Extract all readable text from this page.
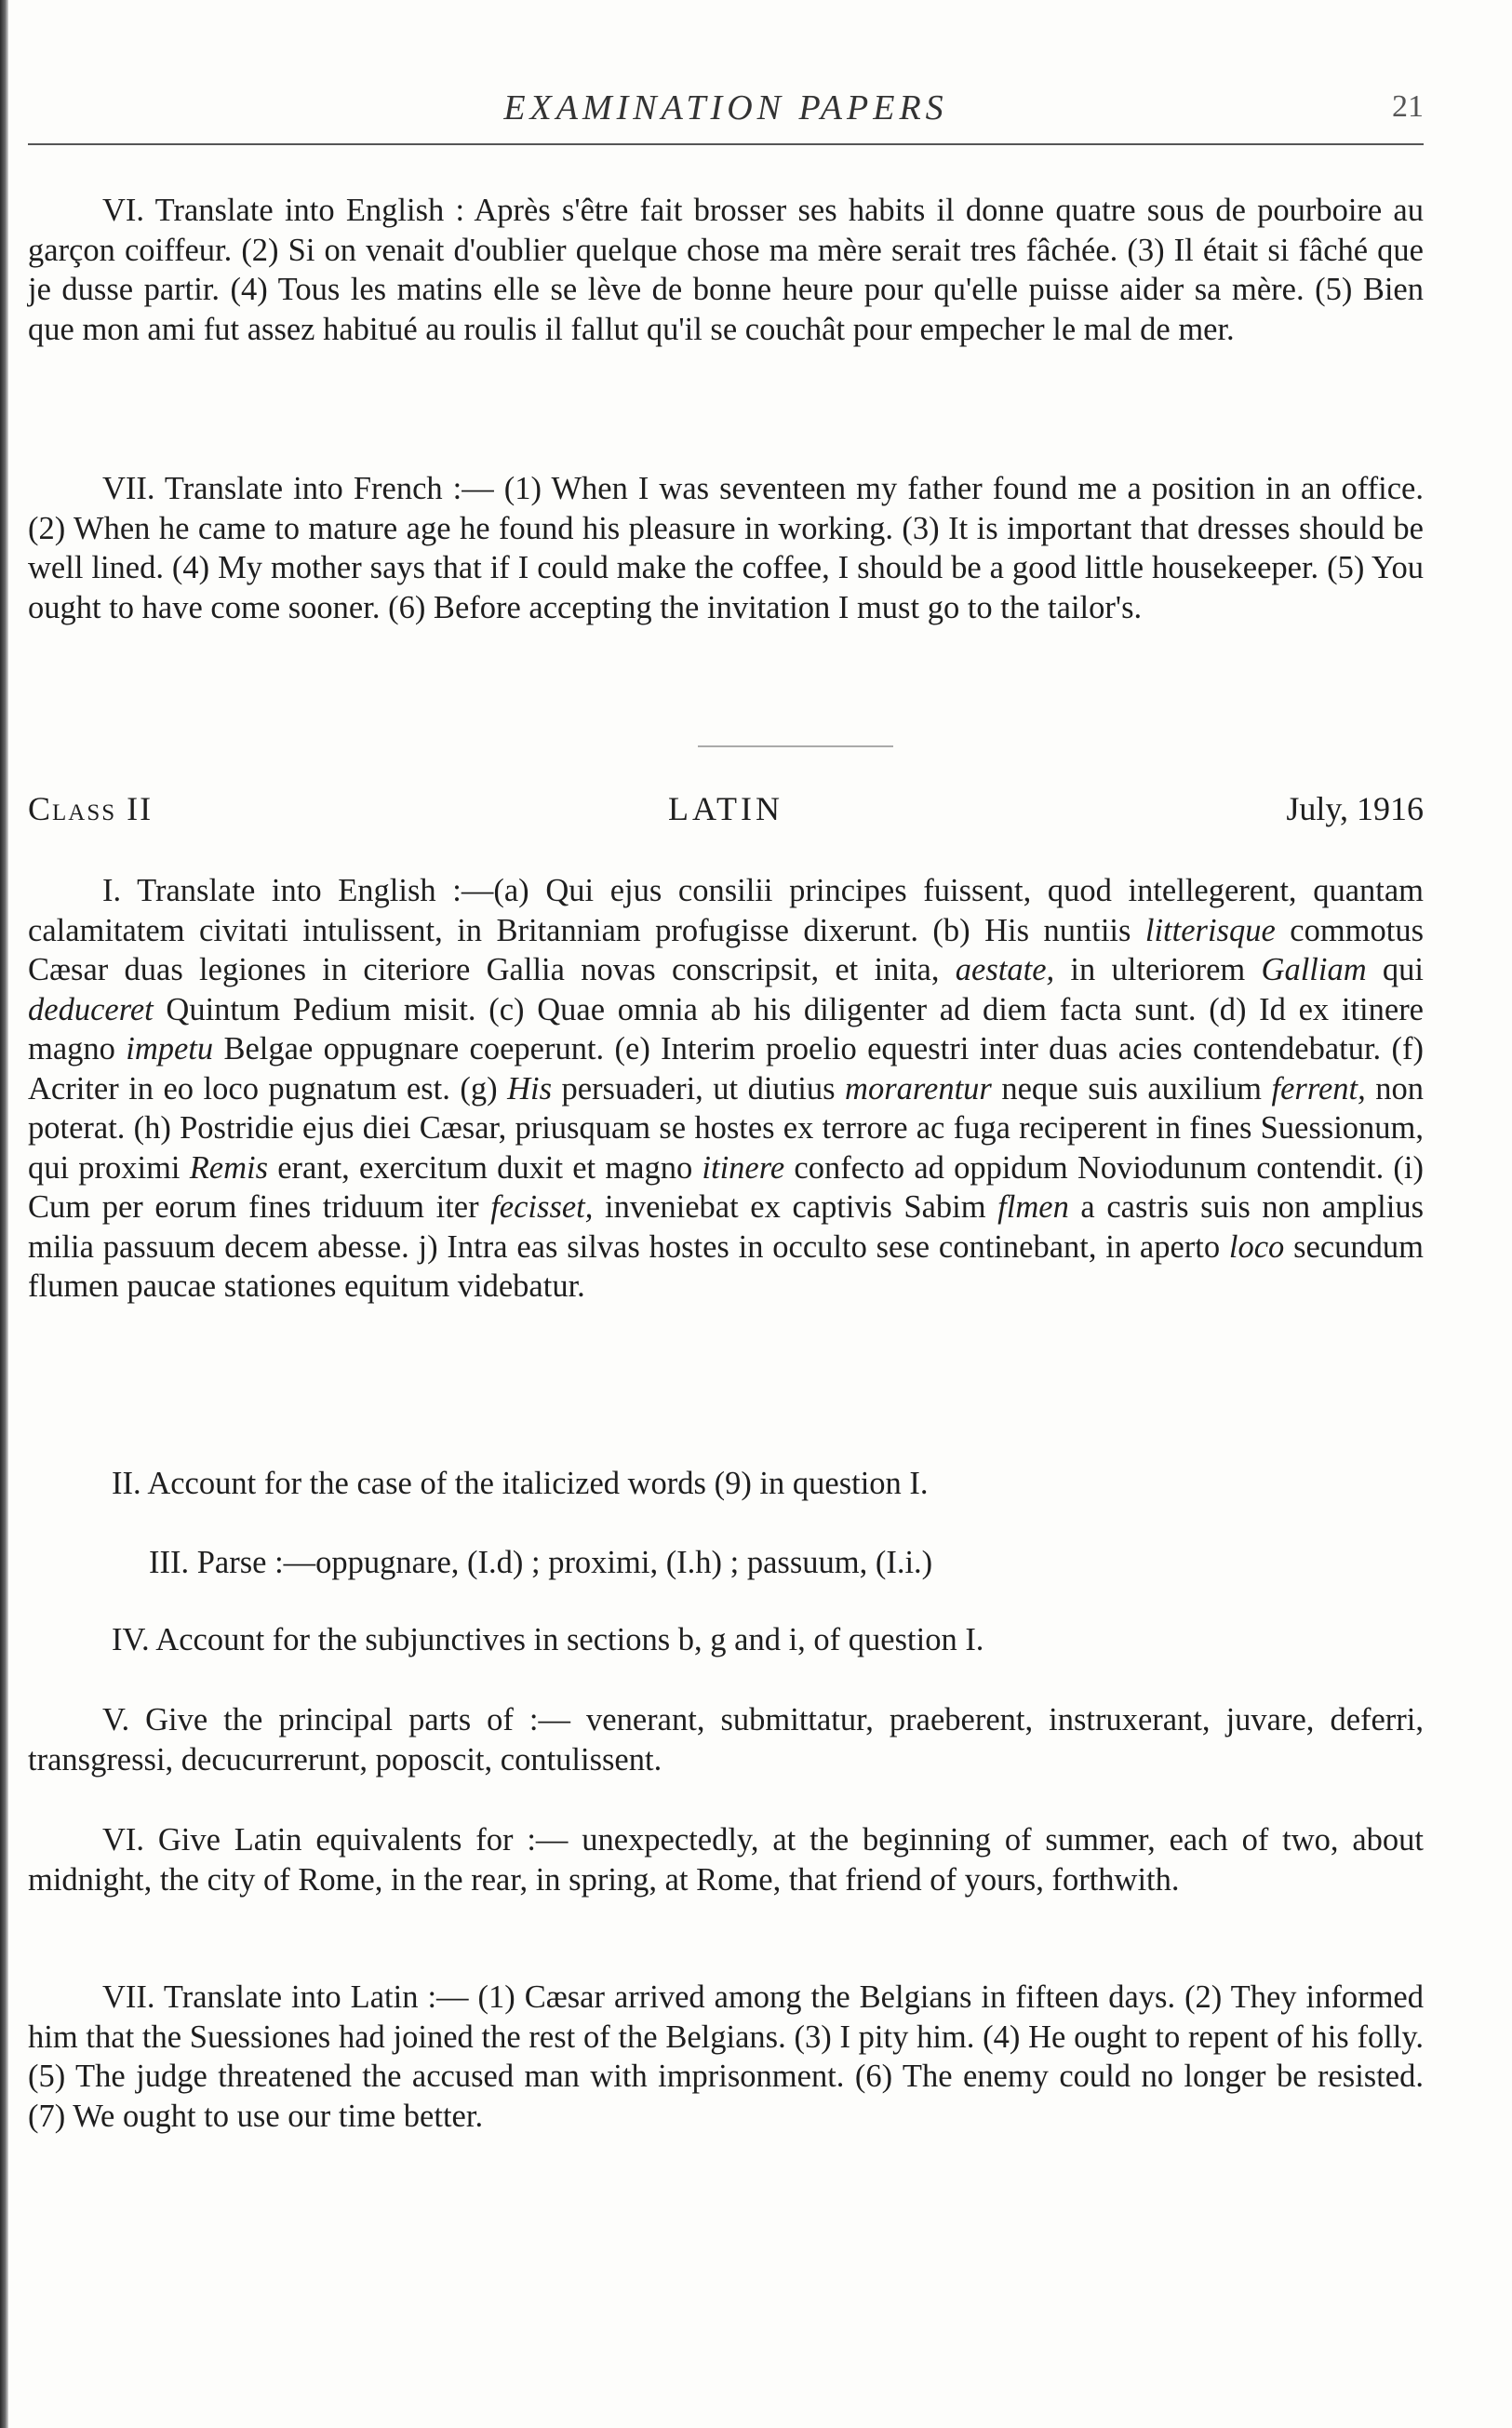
EXAMINATION PAPERS	21

VI. Translate into English : Après s'être fait brosser ses habits il donne quatre sous de pourboire au garçon coiffeur. (2) Si on venait d'oublier quelque chose ma mère serait tres fâchée. (3) Il était si fâché que je dusse partir. (4) Tous les matins elle se lève de bonne heure pour qu'elle puisse aider sa mère. (5) Bien que mon ami fut assez habitué au roulis il fallut qu'il se couchât pour empecher le mal de mer.

VII. Translate into French :— (1) When I was seventeen my father found me a position in an office. (2) When he came to mature age he found his pleasure in working. (3) It is important that dresses should be well lined. (4) My mother says that if I could make the coffee, I should be a good little housekeeper. (5) You ought to have come sooner. (6) Before accepting the invitation I must go to the tailor's.

Class II	LATIN	July, 1916

I. Translate into English :—(a) Qui ejus consilii principes fuissent, quod intellegerent, quantam calamitatem civitati intulissent, in Britanniam profugisse dixerunt. (b) His nuntiis litterisque commotus Cæsar duas legiones in citeriore Gallia novas conscripsit, et inita, aestate, in ulteriorem Galliam qui deduceret Quintum Pedium misit. (c) Quae omnia ab his diligenter ad diem facta sunt. (d) Id ex itinere magno impetu Belgae oppugnare coeperunt. (e) Interim proelio equestri inter duas acies contendebatur. (f) Acriter in eo loco pugnatum est. (g) His persuaderi, ut diutius morarentur neque suis auxilium ferrent, non poterat. (h) Postridie ejus diei Cæsar, priusquam se hostes ex terrore ac fuga reciperent in fines Suessionum, qui proximi Remis erant, exercitum duxit et magno itinere confecto ad oppidum Noviodunum contendit. (i) Cum per eorum fines triduum iter fecisset, inveniebat ex captivis Sabim flmen a castris suis non amplius milia passuum decem abesse. j) Intra eas silvas hostes in occulto sese continebant, in aperto loco secundum flumen paucae stationes equitum videbatur.

II. Account for the case of the italicized words (9) in question I.

III. Parse :—oppugnare, (I.d) ; proximi, (I.h) ; passuum, (I.i.)

IV. Account for the subjunctives in sections b, g and i, of question I.

V. Give the principal parts of :— venerant, submittatur, praeberent, instruxerant, juvare, deferri, transgressi, decucurrerunt, poposcit, contulissent.

VI. Give Latin equivalents for :— unexpectedly, at the beginning of summer, each of two, about midnight, the city of Rome, in the rear, in spring, at Rome, that friend of yours, forthwith.

VII. Translate into Latin :— (1) Cæsar arrived among the Belgians in fifteen days. (2) They informed him that the Suessiones had joined the rest of the Belgians. (3) I pity him. (4) He ought to repent of his folly. (5) The judge threatened the accused man with imprisonment. (6) The enemy could no longer be resisted. (7) We ought to use our time better.
